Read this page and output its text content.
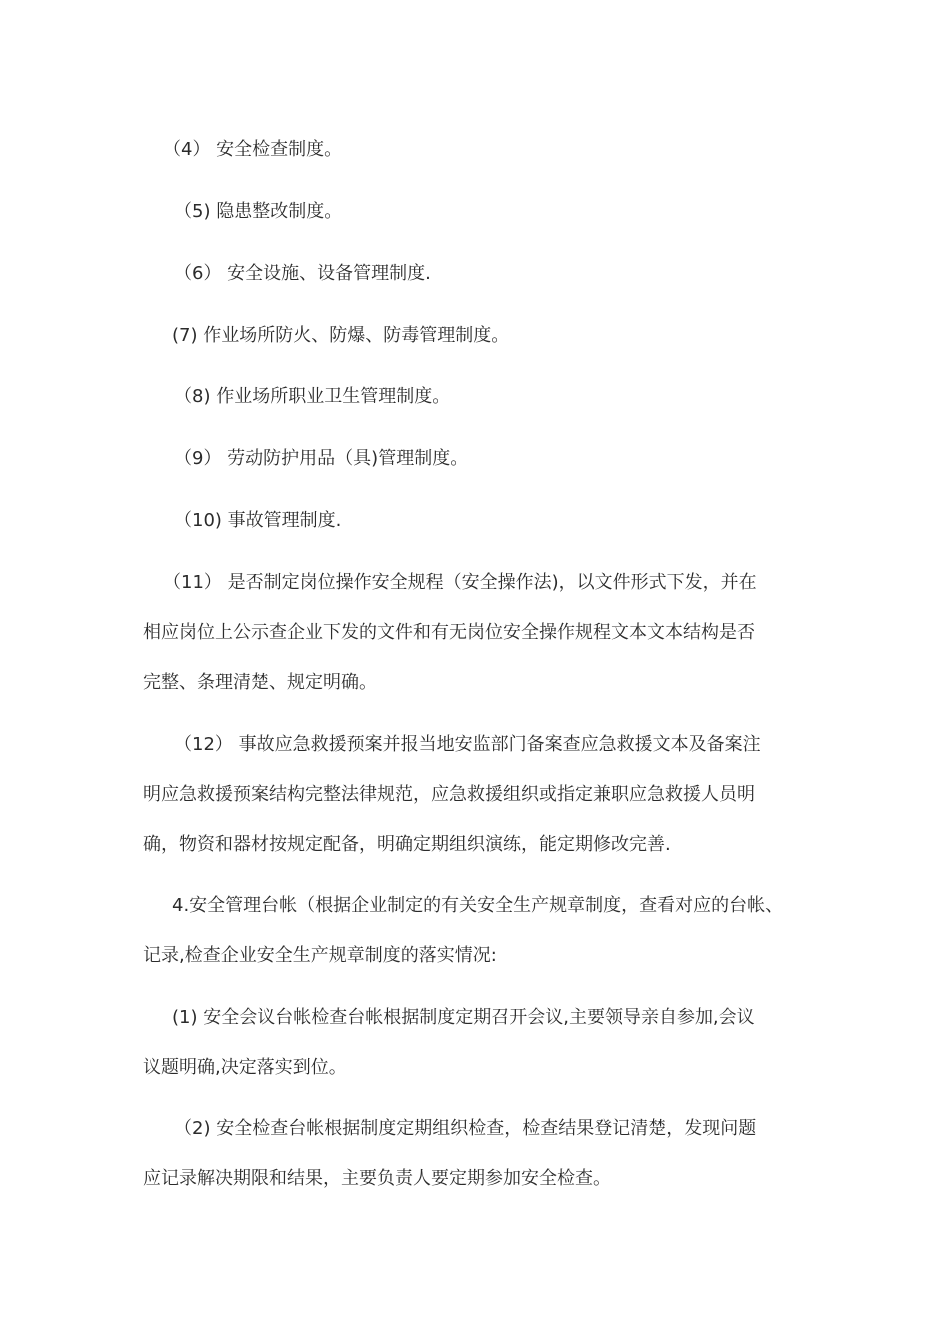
（4） 安全检查制度。
（5) 隐患整改制度。
（6） 安全设施、设备管理制度.
(7) 作业场所防火、防爆、防毒管理制度。
（8) 作业场所职业卫生管理制度。
（9） 劳动防护用品（具)管理制度。
（10) 事故管理制度.
（11） 是否制定岗位操作安全规程（安全操作法)，以文件形式下发，并在
相应岗位上公示查企业下发的文件和有无岗位安全操作规程文本文本结构是否
完整、条理清楚、规定明确。
（12） 事故应急救援预案并报当地安监部门备案查应急救援文本及备案注
明应急救援预案结构完整法律规范，应急救援组织或指定兼职应急救援人员明
确，物资和器材按规定配备，明确定期组织演练，能定期修改完善.
4.安全管理台帐（根据企业制定的有关安全生产规章制度，查看对应的台帐、
记录,检查企业安全生产规章制度的落实情况:
(1) 安全会议台帐检查台帐根据制度定期召开会议,主要领导亲自参加,会议
议题明确,决定落实到位。
（2) 安全检查台帐根据制度定期组织检查，检查结果登记清楚，发现问题
应记录解决期限和结果，主要负责人要定期参加安全检查。
